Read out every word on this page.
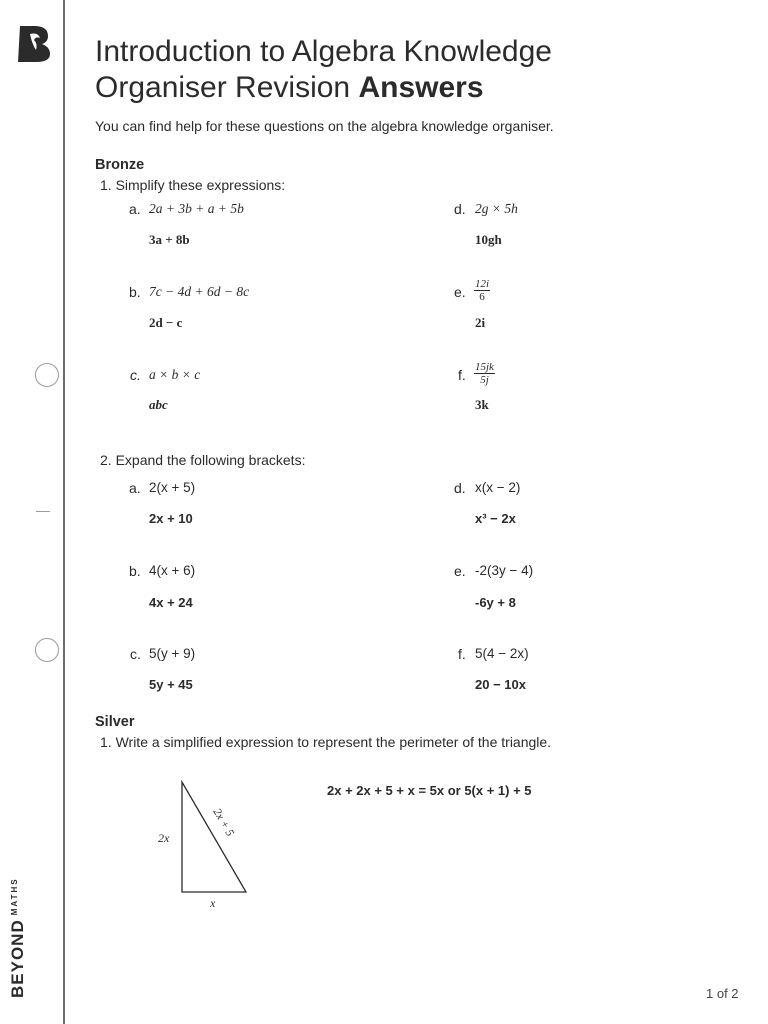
$BEYOND^{MATHS}$
Introduction to Algebra Knowledge
Organiser Revision Answers
You can find help for these questions on the algebra knowledge organiser.
Bronze
1. Simplify these expressions:
a. 2a + 3b + a + 5b
3a + 8b
b. 7c − 4d + 6d − 8c
2d − c
c. a × b × c
abc
d. 2g × 5h
10gh
e. $\frac{12i}{6}$
2i
f. $\frac{15jk}{5j}$
3k
2. Expand the following brackets:
a. 2(x + 5)
2x + 10
b. 4(x + 6)
4x + 24
c. 5(y + 9)
5y + 45
d. x(x − 2)
x³ − 2x
e. -2(3y − 4)
-6y + 8
f. 5(4 − 2x)
20 − 10x
Silver
1. Write a simplified expression to represent the perimeter of the triangle.
2x
x
2x + 5
2x + 2x + 5 + x = 5x or 5(x + 1) + 5
1 of 2
